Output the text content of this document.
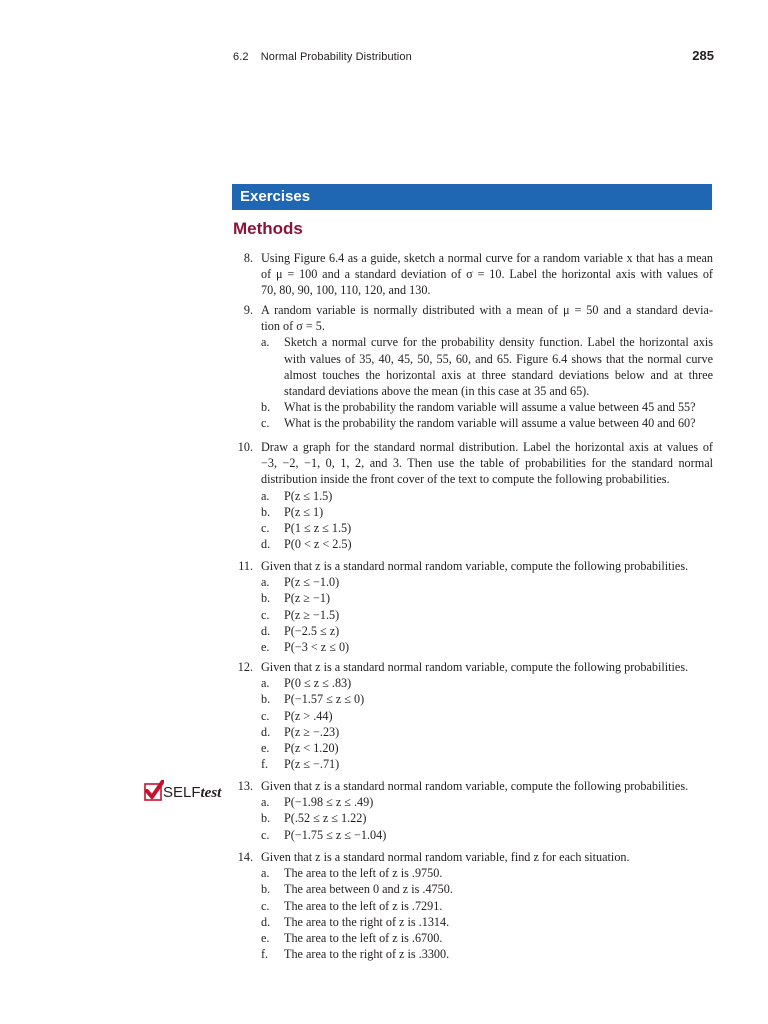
6.2 Normal Probability Distribution	285
Exercises
Methods
SELFtest
8. Using Figure 6.4 as a guide, sketch a normal curve for a random variable x that has a mean
of μ = 100 and a standard deviation of σ = 10. Label the horizontal axis with values of
70, 80, 90, 100, 110, 120, and 130.
9. A random variable is normally distributed with a mean of μ = 50 and a standard devia-
tion of σ = 5.
a.	Sketch a normal curve for the probability density function. Label the horizontal axis
with values of 35, 40, 45, 50, 55, 60, and 65. Figure 6.4 shows that the normal curve
almost touches the horizontal axis at three standard deviations below and at three
standard deviations above the mean (in this case at 35 and 65).
b.	What is the probability the random variable will assume a value between 45 and 55?
c.	What is the probability the random variable will assume a value between 40 and 60?
10. Draw a graph for the standard normal distribution. Label the horizontal axis at values of
−3, −2, −1, 0, 1, 2, and 3. Then use the table of probabilities for the standard normal
distribution inside the front cover of the text to compute the following probabilities.
a.	P(z ≤ 1.5)
b.	P(z ≤ 1)
c.	P(1 ≤ z ≤ 1.5)
d.	P(0 < z < 2.5)
11. Given that z is a standard normal random variable, compute the following probabilities.
a.	P(z ≤ −1.0)
b.	P(z ≥ −1)
c.	P(z ≥ −1.5)
d.	P(−2.5 ≤ z)
e.	P(−3 < z ≤ 0)
12. Given that z is a standard normal random variable, compute the following probabilities.
a.	P(0 ≤ z ≤ .83)
b.	P(−1.57 ≤ z ≤ 0)
c.	P(z > .44)
d.	P(z ≥ −.23)
e.	P(z < 1.20)
f.	P(z ≤ −.71)
13. Given that z is a standard normal random variable, compute the following probabilities.
a.	P(−1.98 ≤ z ≤ .49)
b.	P(.52 ≤ z ≤ 1.22)
c.	P(−1.75 ≤ z ≤ −1.04)
14. Given that z is a standard normal random variable, find z for each situation.
a.	The area to the left of z is .9750.
b.	The area between 0 and z is .4750.
c.	The area to the left of z is .7291.
d.	The area to the right of z is .1314.
e.	The area to the left of z is .6700.
f.	The area to the right of z is .3300.
